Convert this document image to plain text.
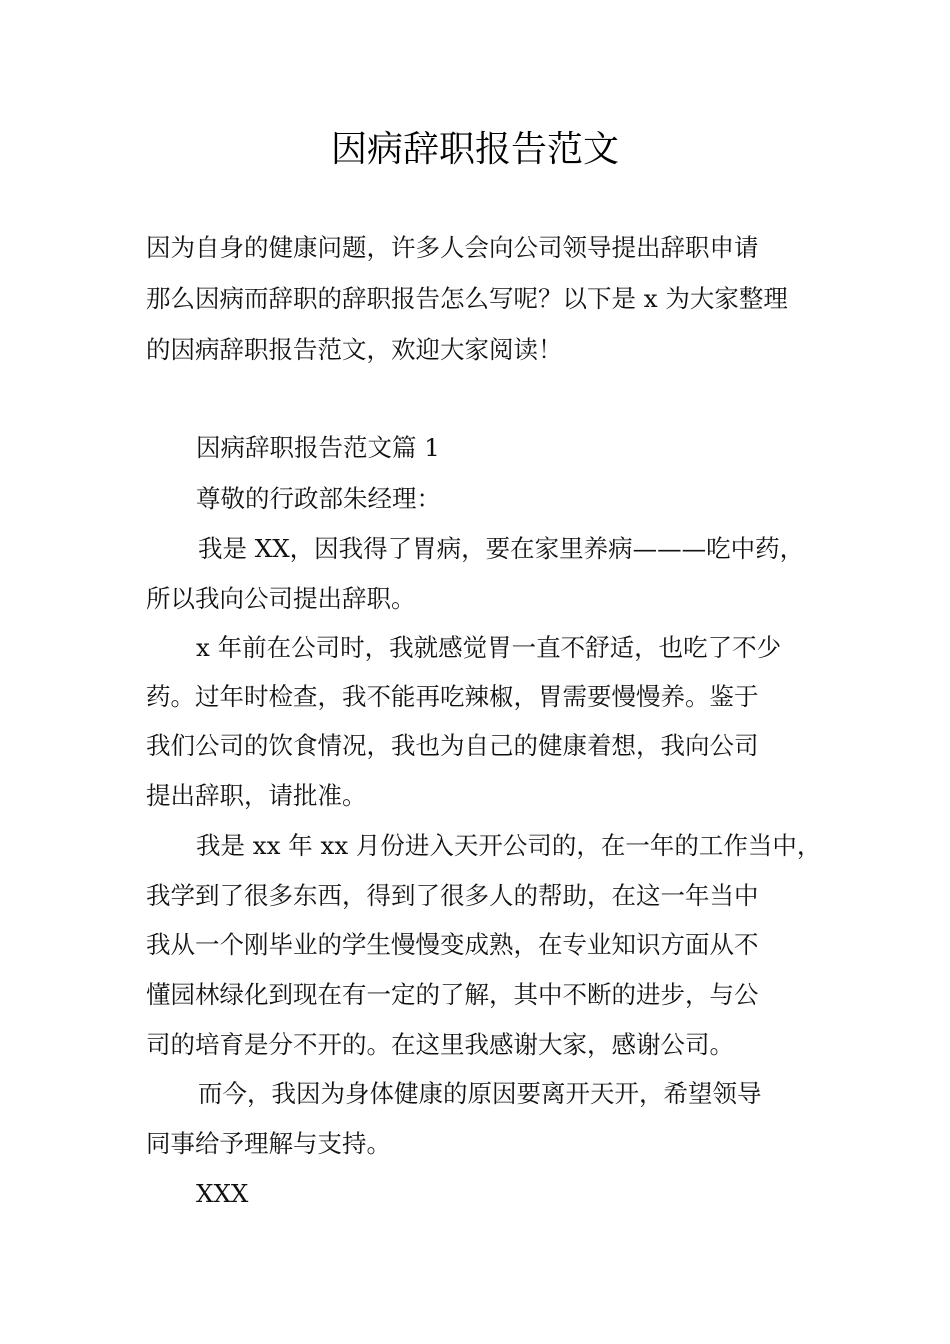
因病辞职报告范文
因为自身的健康问题，许多人会向公司领导提出辞职申请
那么因病而辞职的辞职报告怎么写呢？以下是 x 为大家整理
的因病辞职报告范文，欢迎大家阅读！
因病辞职报告范文篇 1
尊敬的行政部朱经理：
我是 XX，因我得了胃病，要在家里养病———吃中药，
所以我向公司提出辞职。
x 年前在公司时，我就感觉胃一直不舒适，也吃了不少
药。过年时检查，我不能再吃辣椒，胃需要慢慢养。鉴于
我们公司的饮食情况，我也为自己的健康着想，我向公司
提出辞职，请批准。
我是 xx 年 xx 月份进入天开公司的，在一年的工作当中，
我学到了很多东西，得到了很多人的帮助，在这一年当中
我从一个刚毕业的学生慢慢变成熟，在专业知识方面从不
懂园林绿化到现在有一定的了解，其中不断的进步，与公
司的培育是分不开的。在这里我感谢大家，感谢公司。
而今，我因为身体健康的原因要离开天开，希望领导
同事给予理解与支持。
XXX
